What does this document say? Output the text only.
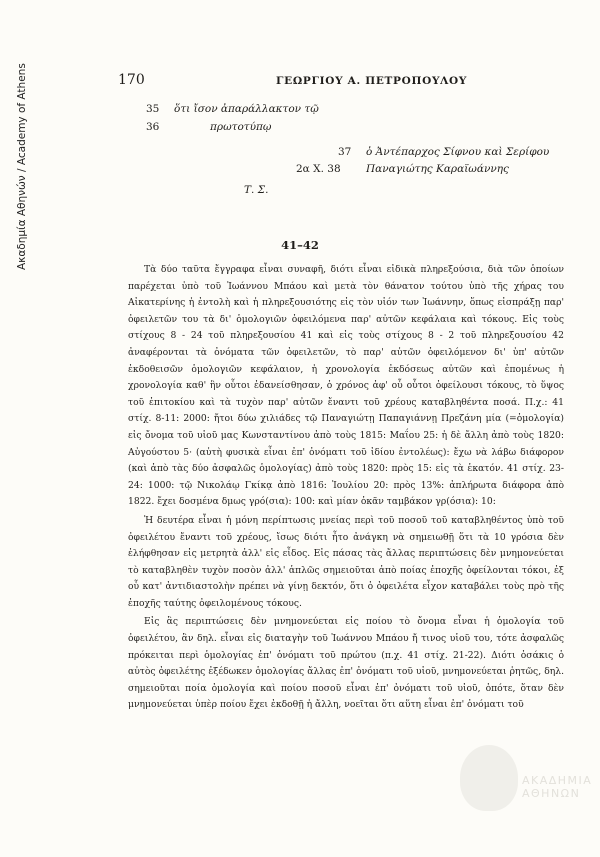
Ακαδημία Αθηνών / Academy of Athens	170	ΓΕΩΡΓΙΟΥ Α. ΠΕΤΡΟΠΟΥΛΟΥ
35 ὅτι ἴσον ἀπαράλλακτον τῷ
36	πρωτοτύπῳ
37 ὁ Ἀντέπαρχος Σίφνου καὶ Σερίφου
2α Χ. 38 Παναγιώτης Καραϊωάννης
Τ. Σ.
41–42

Τὰ δύο ταῦτα ἔγγραφα εἶναι συναφῆ, διότι εἶναι εἰδικὰ πληρεξούσια, διὰ τῶν ὁποίων παρέχεται ὑπὸ τοῦ Ἰωάννου Μπάου καὶ μετὰ τὸν θάνατον τούτου ὑπὸ τῆς χήρας του Αἰκατερίνης ἡ ἐντολὴ καὶ ἡ πληρεξουσιότης εἰς τὸν υἱόν των Ἰωάννην, ὅπως εἰσπράξῃ παρ' ὀφειλετῶν του τὰ δι' ὁμολογιῶν ὀφειλόμενα παρ' αὐτῶν κεφάλαια καὶ τόκους. Εἰς τοὺς στίχους 8 - 24 τοῦ πληρεξουσίου 41 καὶ εἰς τοὺς στίχους 8 - 2 τοῦ πληρεξουσίου 42 ἀναφέρονται τὰ ὀνόματα τῶν ὀφειλετῶν, τὸ παρ' αὐτῶν ὀφειλόμενον δι' ὑπ' αὐτῶν ἐκδοθεισῶν ὁμολογιῶν κεφάλαιον, ἡ χρονολογία ἐκδόσεως αὐτῶν καὶ ἐπομένως ἡ χρονολογία καθ' ἣν οὗτοι ἐδανείσθησαν, ὁ χρόνος ἀφ' οὗ οὗτοι ὀφείλουσι τόκους, τὸ ὕψος τοῦ ἐπιτοκίου καὶ τὰ τυχὸν παρ' αὐτῶν ἔναντι τοῦ χρέους καταβληθέντα ποσά. Π.χ.: 41 στίχ. 8-11: 2000: ἤτοι δύω χιλιάδες τῷ Παναγιώτῃ Παπαγιάννῃ Πρεζάνη μία (=ὁμολογία) εἰς ὄνομα τοῦ υἱοῦ μας Κωνσταντίνου ἀπὸ τοὺς 1815: Μαΐου 25: ἡ δὲ ἄλλη ἀπὸ τοὺς 1820: Αὐγούστου 5· (αὐτὴ φυσικὰ εἶναι ἐπ' ὀνόματι τοῦ ἰδίου ἐντολέως): ἔχω νὰ λάβω διάφορον (καὶ ἀπὸ τὰς δύο ἀσφαλῶς ὁμολογίας) ἀπὸ τοὺς 1820: πρὸς 15: εἰς τὰ ἑκατόν. 41 στίχ. 23-24: 1000: τῷ Νικολάῳ Γκίκᾳ ἀπὸ 1816: Ἰουλίου 20: πρὸς 13%: ἀπλήρωτα διάφορα ἀπὸ 1822. ἔχει δοσμένα δμως γρό(σια): 100: καὶ μίαν ὀκᾶν ταμβάκον γρ(όσια): 10:

Ἡ δευτέρα εἶναι ἡ μόνη περίπτωσις μνείας περὶ τοῦ ποσοῦ τοῦ καταβληθέντος ὑπὸ τοῦ ὀφειλέτου ἔναντι τοῦ χρέους, ἴσως διότι ἦτο ἀνάγκη νὰ σημειωθῇ ὅτι τὰ 10 γρόσια δὲν ἐλήφθησαν εἰς μετρητὰ ἀλλ' εἰς εἶδος. Εἰς πάσας τὰς ἄλλας περιπτώσεις δὲν μνημονεύεται τὸ καταβληθὲν τυχὸν ποσὸν ἀλλ' ἁπλῶς σημειοῦται ἀπὸ ποίας ἐποχῆς ὀφείλονται τόκοι, ἐξ οὗ κατ' ἀντιδιαστολὴν πρέπει νὰ γίνῃ δεκτόν, ὅτι ὁ ὀφειλέτα εἶχον καταβάλει τοὺς πρὸ τῆς ἐποχῆς ταύτης ὀφειλομένους τόκους.

Εἰς ἃς περιπτώσεις δὲν μνημονεύεται εἰς ποίου τὸ ὄνομα εἶναι ἡ ὁμολογία τοῦ ὀφειλέτου, ἂν δηλ. εἶναι εἰς διαταγὴν τοῦ Ἰωάννου Μπάου ἤ τινος υἱοῦ του, τότε ἀσφαλῶς πρόκειται περὶ ὁμολογίας ἐπ' ὀνόματι τοῦ πρώτου (π.χ. 41 στίχ. 21-22). Διότι ὁσάκις ὁ αὐτὸς ὀφειλέτης ἐξέδωκεν ὁμολογίας ἄλλας ἐπ' ὀνόματι τοῦ υἱοῦ, μνημονεύεται ῥητῶς, δηλ. σημειοῦται ποία ὁμολογία καὶ ποίου ποσοῦ εἶναι ἐπ' ὀνόματι τοῦ υἱοῦ, ὁπότε, ὅταν δὲν μνημονεύεται ὑπὲρ ποίου ἔχει ἐκδοθῇ ἡ ἄλλη, νοεῖται ὅτι αὕτη εἶναι ἐπ' ὀνόματι τοῦ

ΑΚΑΔΗΜΙΑ ΑΘΗΝΩΝ
